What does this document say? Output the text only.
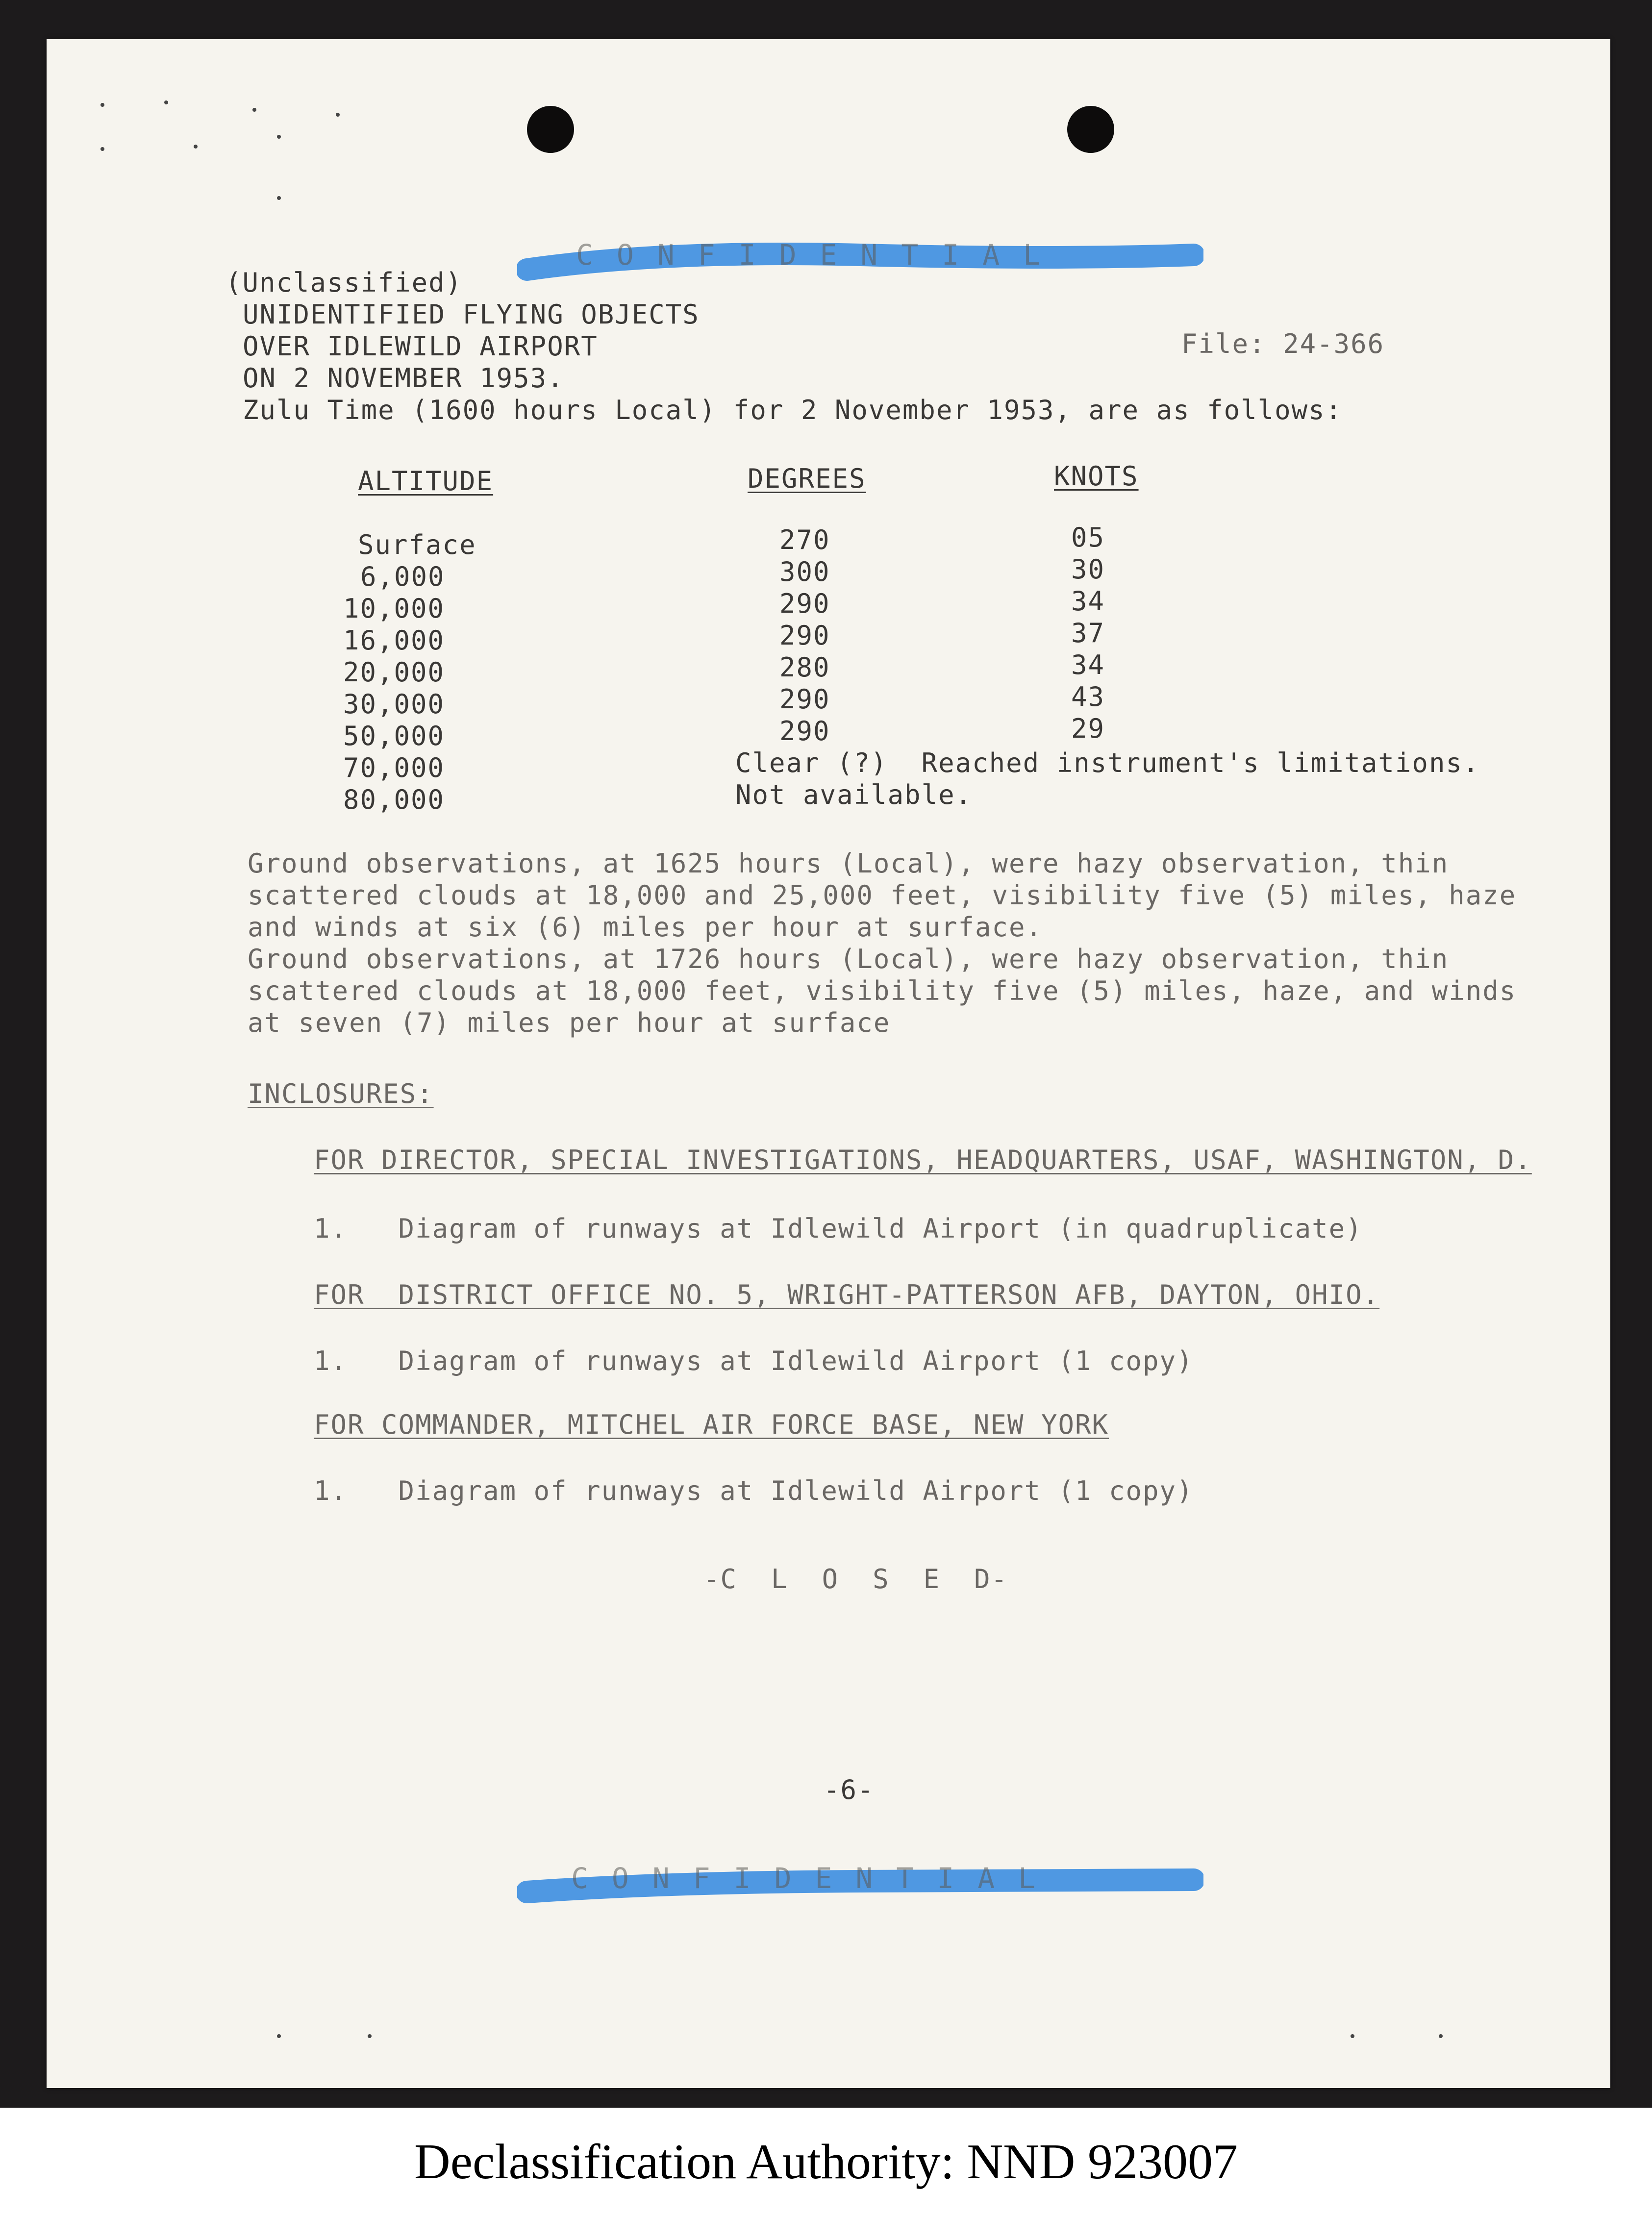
CONFIDENTIAL
(Unclassified)
UNIDENTIFIED FLYING OBJECTS
OVER IDLEWILD AIRPORT	File: 24-366
ON 2 NOVEMBER 1953.
Zulu Time (1600 hours Local) for 2 November 1953, are as follows:
ALTITUDE	DEGREES	KNOTS
Surface	270	05
6,000	300	30
10,000	290	34
16,000	290	37
20,000	280	34
30,000	290	43
50,000	290	29
70,000	Clear (?)  Reached instrument's limitations.
80,000	Not available.
Ground observations, at 1625 hours (Local), were hazy observation, thin
scattered clouds at 18,000 and 25,000 feet, visibility five (5) miles, haze
and winds at six (6) miles per hour at surface.
Ground observations, at 1726 hours (Local), were hazy observation, thin
scattered clouds at 18,000 feet, visibility five (5) miles, haze, and winds
at seven (7) miles per hour at surface
INCLOSURES:
FOR DIRECTOR, SPECIAL INVESTIGATIONS, HEADQUARTERS, USAF, WASHINGTON, D.
1.   Diagram of runways at Idlewild Airport (in quadruplicate)
FOR  DISTRICT OFFICE NO. 5, WRIGHT-PATTERSON AFB, DAYTON, OHIO.
1.   Diagram of runways at Idlewild Airport (1 copy)
FOR COMMANDER, MITCHEL AIR FORCE BASE, NEW YORK
1.   Diagram of runways at Idlewild Airport (1 copy)
-C  L  O  S  E  D-
-6-
CONFIDENTIAL
Declassification Authority: NND 923007
